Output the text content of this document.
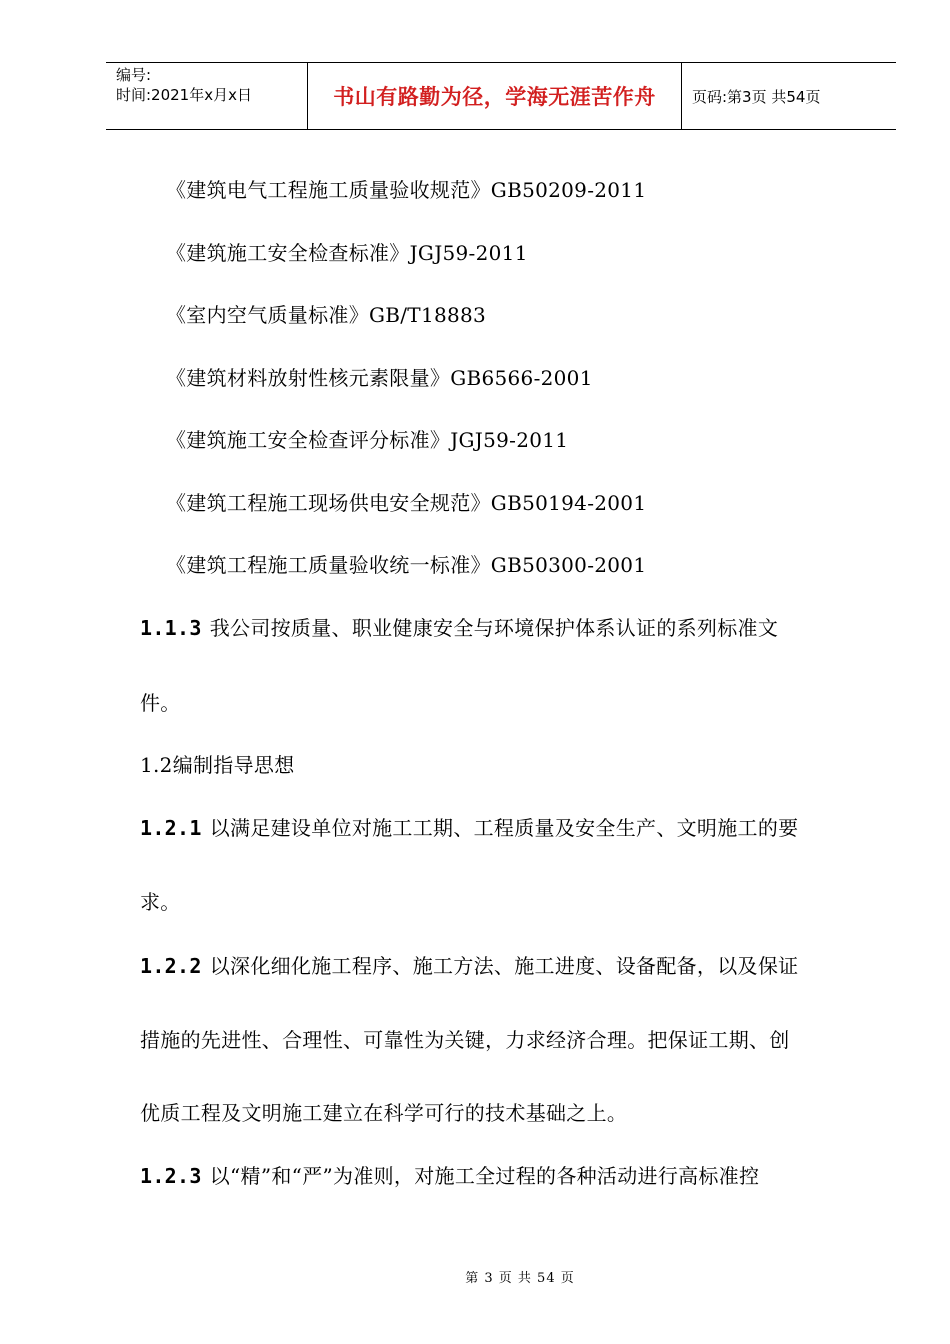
编号:
时间:2021年x月x日	书山有路勤为径，学海无涯苦作舟 页码:第3页 共54页
《建筑电气工程施工质量验收规范》GB50209-2011
《建筑施工安全检查标准》JGJ59-2011
《室内空气质量标准》GB/T18883
《建筑材料放射性核元素限量》GB6566-2001
《建筑施工安全检查评分标准》JGJ59-2011
《建筑工程施工现场供电安全规范》GB50194-2001
《建筑工程施工质量验收统一标准》GB50300-2001
1.1.3 我公司按质量、职业健康安全与环境保护体系认证的系列标准文
件。
1.2编制指导思想
1.2.1 以满足建设单位对施工工期、工程质量及安全生产、文明施工的要
求。
1.2.2 以深化细化施工程序、施工方法、施工进度、设备配备，以及保证
措施的先进性、合理性、可靠性为关键，力求经济合理。把保证工期、创
优质工程及文明施工建立在科学可行的技术基础之上。
1.2.3 以“精”和“严”为准则，对施工全过程的各种活动进行高标准控
第 3 页 共 54 页
